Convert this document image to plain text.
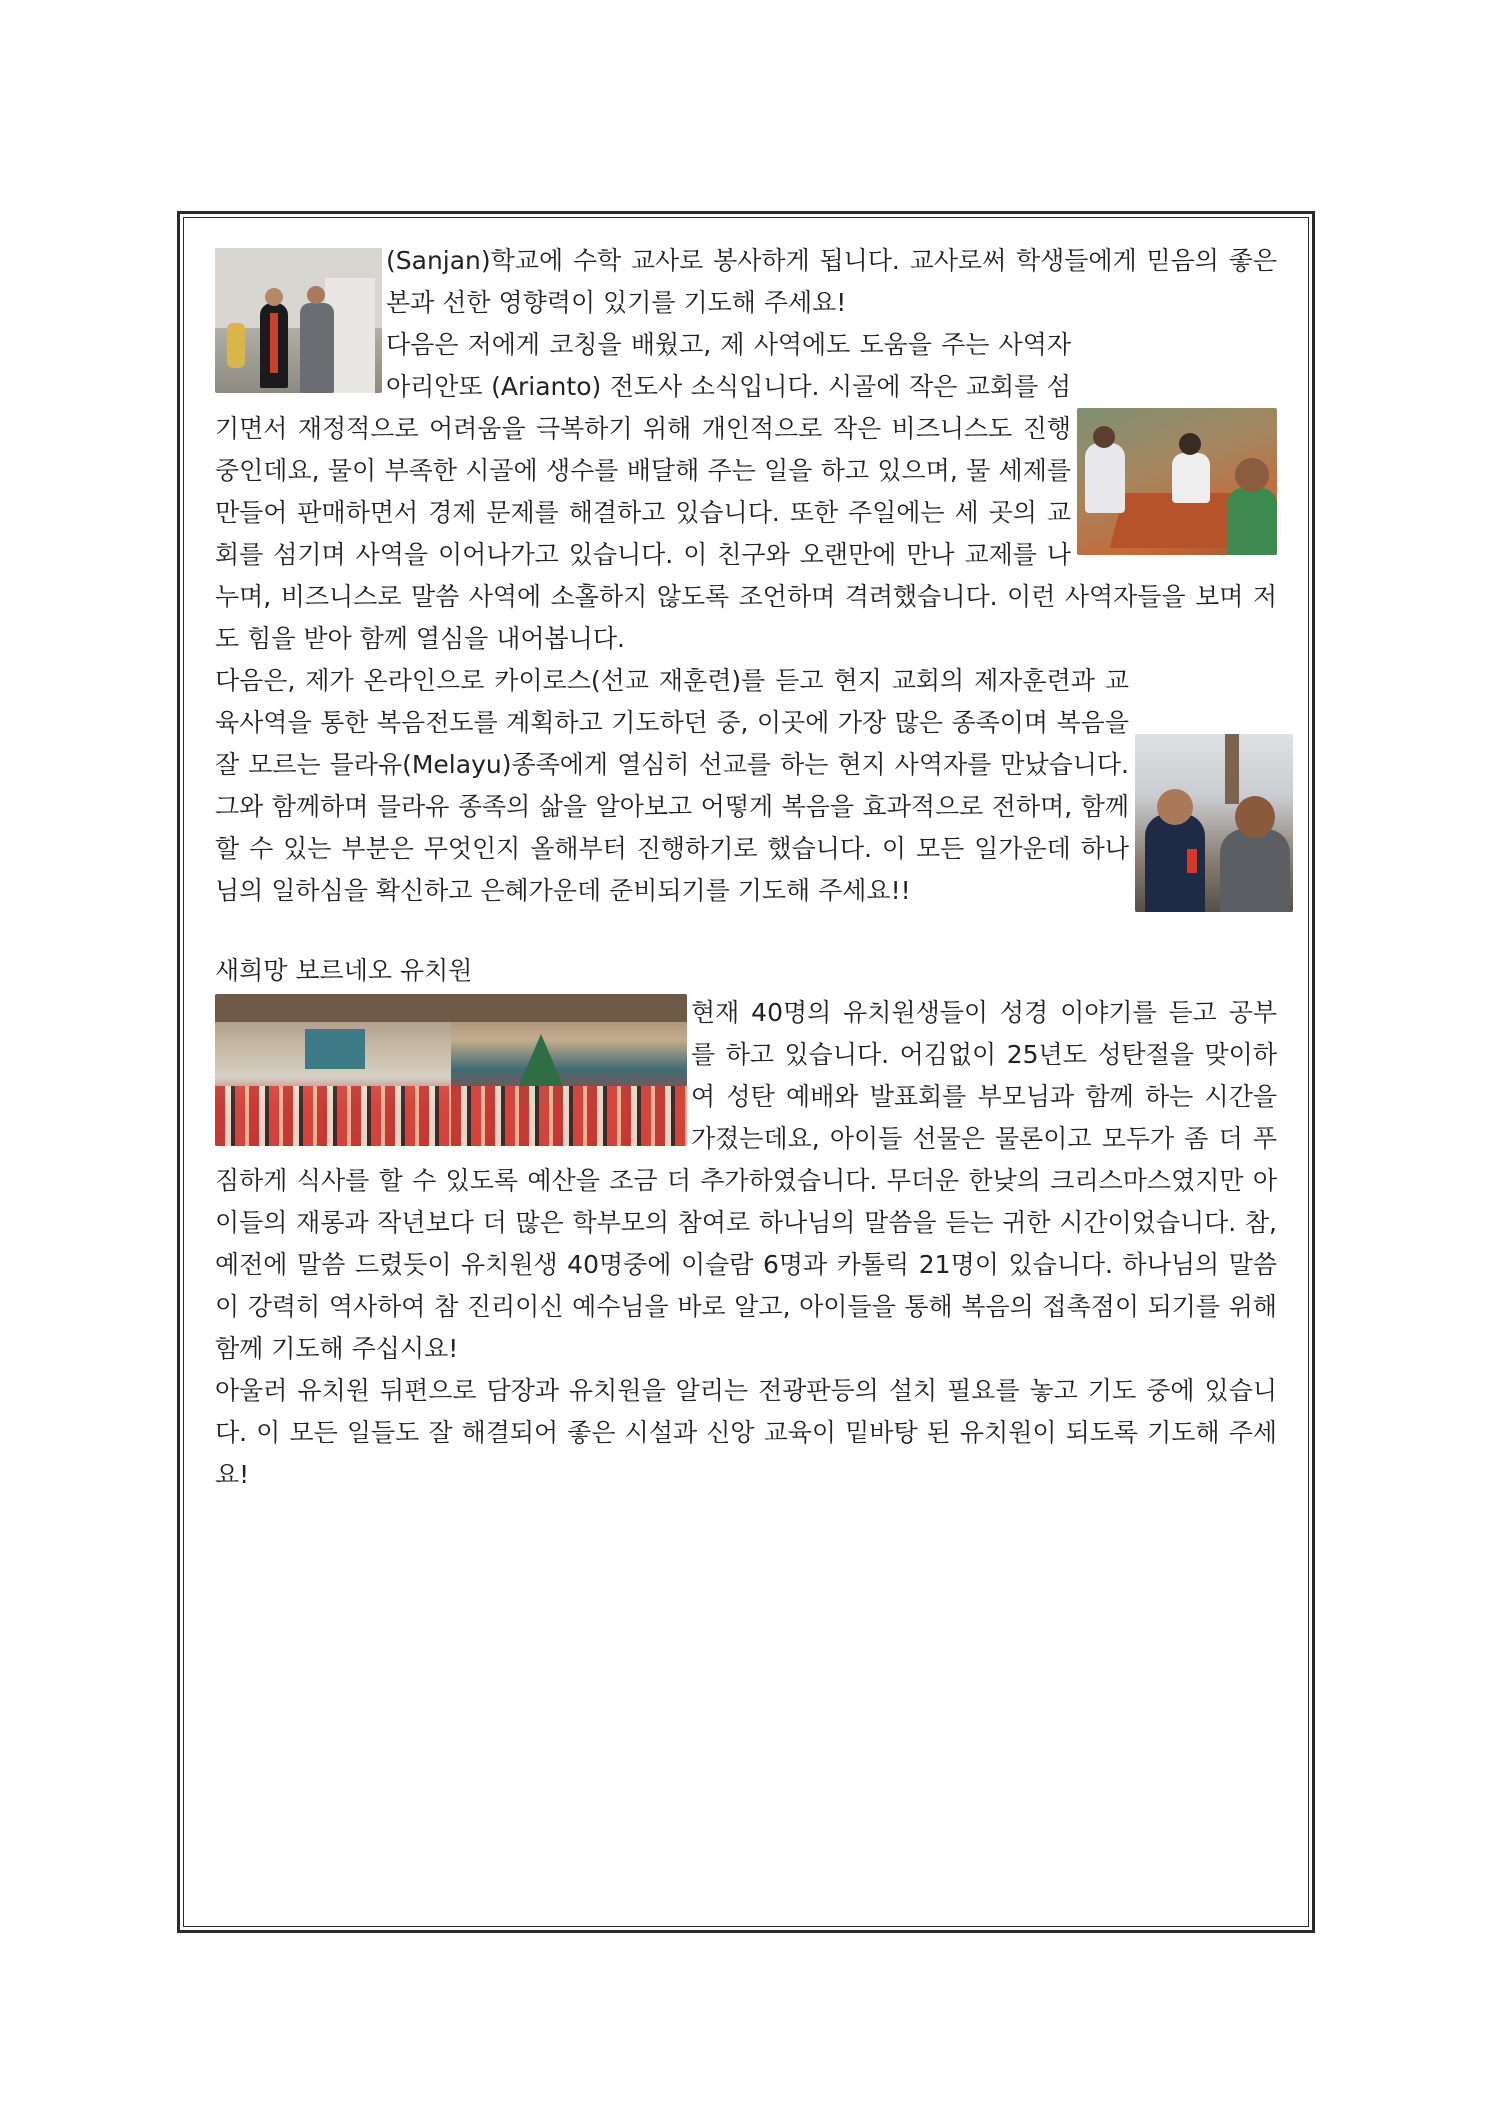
(Sanjan)학교에 수학 교사로 봉사하게 됩니다. 교사로써 학생들에게 믿음의 좋은 본과 선한 영향력이 있기를 기도해 주세요!

다음은 저에게 코칭을 배웠고, 제 사역에도 도움을 주는 사역자 아리안또 (Arianto) 전도사 소식입니다. 시골에 작은 교회를 섬기면서 재정적으로 어려움을 극복하기 위해 개인적으로 작은 비즈니스도 진행 중인데요, 물이 부족한 시골에 생수를 배달해 주는 일을 하고 있으며, 물 세제를 만들어 판매하면서 경제 문제를 해결하고 있습니다. 또한 주일에는 세 곳의 교회를 섬기며 사역을 이어나가고 있습니다. 이 친구와 오랜만에 만나 교제를 나누며, 비즈니스로 말씀 사역에 소홀하지 않도록 조언하며 격려했습니다. 이런 사역자들을 보며 저도 힘을 받아 함께 열심을 내어봅니다.

다음은, 제가 온라인으로 카이로스(선교 재훈련)를 듣고 현지 교회의 제자훈련과 교육사역을 통한 복음전도를 계획하고 기도하던 중, 이곳에 가장 많은 종족이며 복음을 잘 모르는 믈라유(Melayu)종족에게 열심히 선교를 하는 현지 사역자를 만났습니다. 그와 함께하며 믈라유 종족의 삶을 알아보고 어떻게 복음을 효과적으로 전하며, 함께 할 수 있는 부분은 무엇인지 올해부터 진행하기로 했습니다. 이 모든 일가운데 하나님의 일하심을 확신하고 은혜가운데 준비되기를 기도해 주세요!!

새희망 보르네오 유치원

현재 40명의 유치원생들이 성경 이야기를 듣고 공부를 하고 있습니다. 어김없이 25년도 성탄절을 맞이하여 성탄 예배와 발표회를 부모님과 함께 하는 시간을 가졌는데요, 아이들 선물은 물론이고 모두가 좀 더 푸짐하게 식사를 할 수 있도록 예산을 조금 더 추가하였습니다. 무더운 한낮의 크리스마스였지만 아이들의 재롱과 작년보다 더 많은 학부모의 참여로 하나님의 말씀을 듣는 귀한 시간이었습니다. 참, 예전에 말씀 드렸듯이 유치원생 40명중에 이슬람 6명과 카톨릭 21명이 있습니다. 하나님의 말씀이 강력히 역사하여 참 진리이신 예수님을 바로 알고, 아이들을 통해 복음의 접촉점이 되기를 위해 함께 기도해 주십시요!

아울러 유치원 뒤편으로 담장과 유치원을 알리는 전광판등의 설치 필요를 놓고 기도 중에 있습니다. 이 모든 일들도 잘 해결되어 좋은 시설과 신앙 교육이 밑바탕 된 유치원이 되도록 기도해 주세요!
